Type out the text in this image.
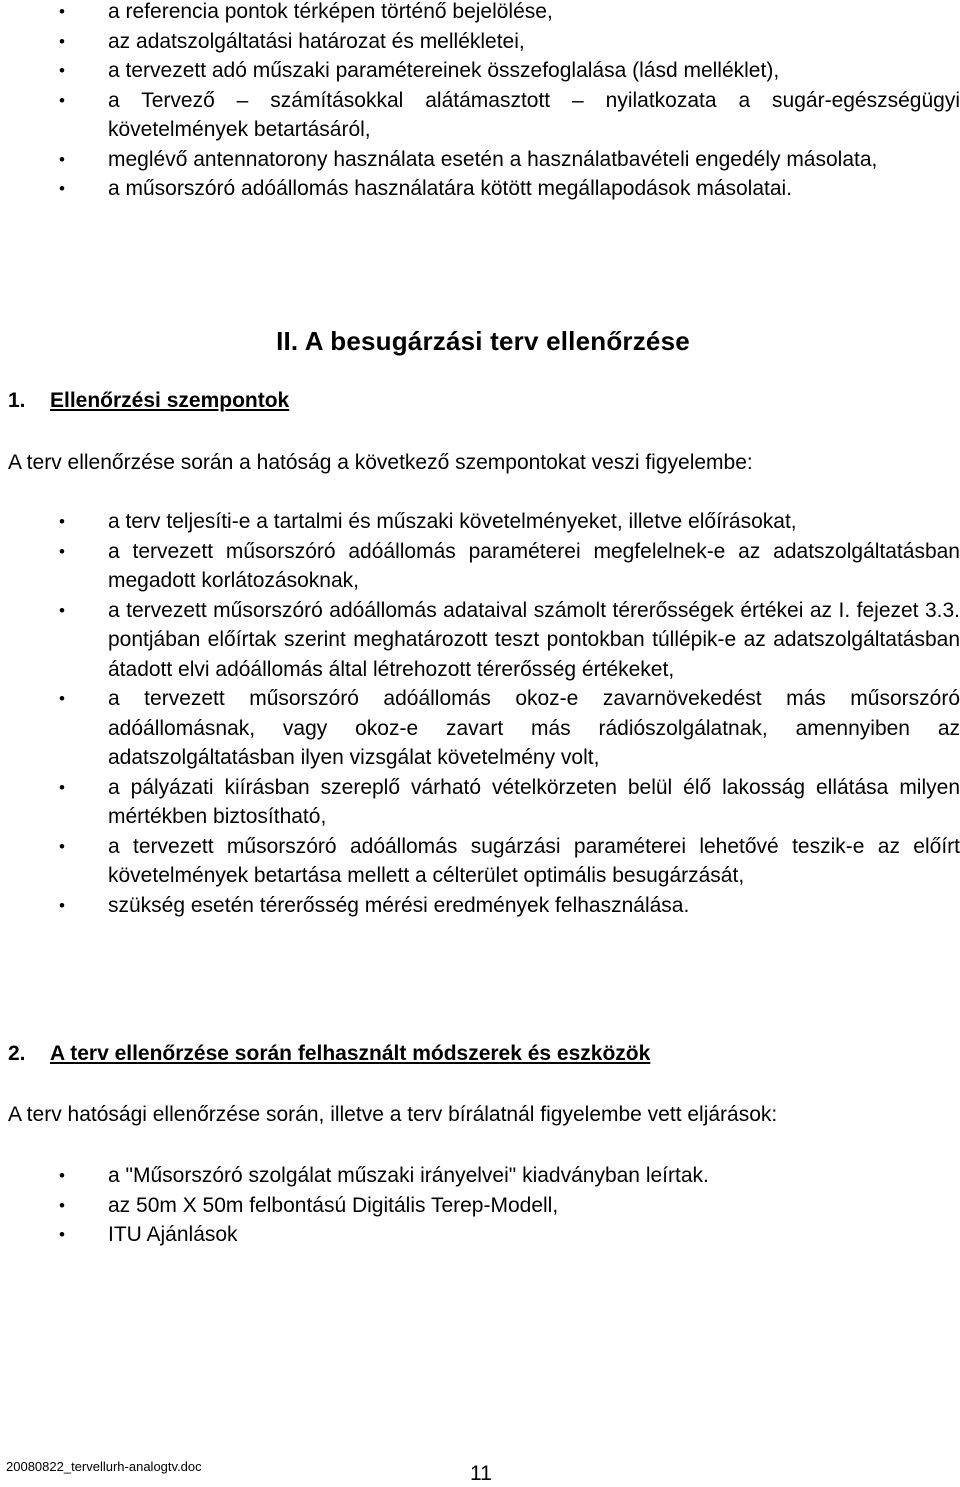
•	a referencia pontok térképen történő bejelölése,
•	az adatszolgáltatási határozat és mellékletei,
•	a tervezett adó műszaki paramétereinek összefoglalása (lásd melléklet),
•	a Tervező – számításokkal alátámasztott – nyilatkozata a sugár-egészségügyi követelmények betartásáról,
•	meglévő antennatorony használata esetén a használatbavételi engedély másolata,
•	a műsorszóró adóállomás használatára kötött megállapodások másolatai.
II. A besugárzási terv ellenőrzése
1. Ellenőrzési szempontok
A terv ellenőrzése során a hatóság a következő szempontokat veszi figyelembe:
•	a terv teljesíti-e a tartalmi és műszaki követelményeket, illetve előírásokat,
•	a tervezett műsorszóró adóállomás paraméterei megfelelnek-e az adatszolgáltatásban megadott korlátozásoknak,
•	a tervezett műsorszóró adóállomás adataival számolt térerősségek értékei az I. fejezet 3.3. pontjában előírtak szerint meghatározott teszt pontokban túllépik-e az adatszolgáltatásban átadott elvi adóállomás által létrehozott térerősség értékeket,
•	a tervezett műsorszóró adóállomás okoz-e zavarnövekedést más műsorszóró adóállomásnak, vagy okoz-e zavart más rádiószolgálatnak, amennyiben az adatszolgáltatásban ilyen vizsgálat követelmény volt,
•	a pályázati kiírásban szereplő várható vételkörzeten belül élő lakosság ellátása milyen mértékben biztosítható,
•	a tervezett műsorszóró adóállomás sugárzási paraméterei lehetővé teszik-e az előírt követelmények betartása mellett a célterület optimális besugárzását,
•	szükség esetén térerősség mérési eredmények felhasználása.
2. A terv ellenőrzése során felhasznált módszerek és eszközök
A terv hatósági ellenőrzése során, illetve a terv bírálatnál figyelembe vett eljárások:
•	a "Műsorszóró szolgálat műszaki irányelvei" kiadványban leírtak.
•	az 50m X 50m felbontású Digitális Terep-Modell,
•	ITU Ajánlások
20080822_tervellurh-analogtv.doc	11
